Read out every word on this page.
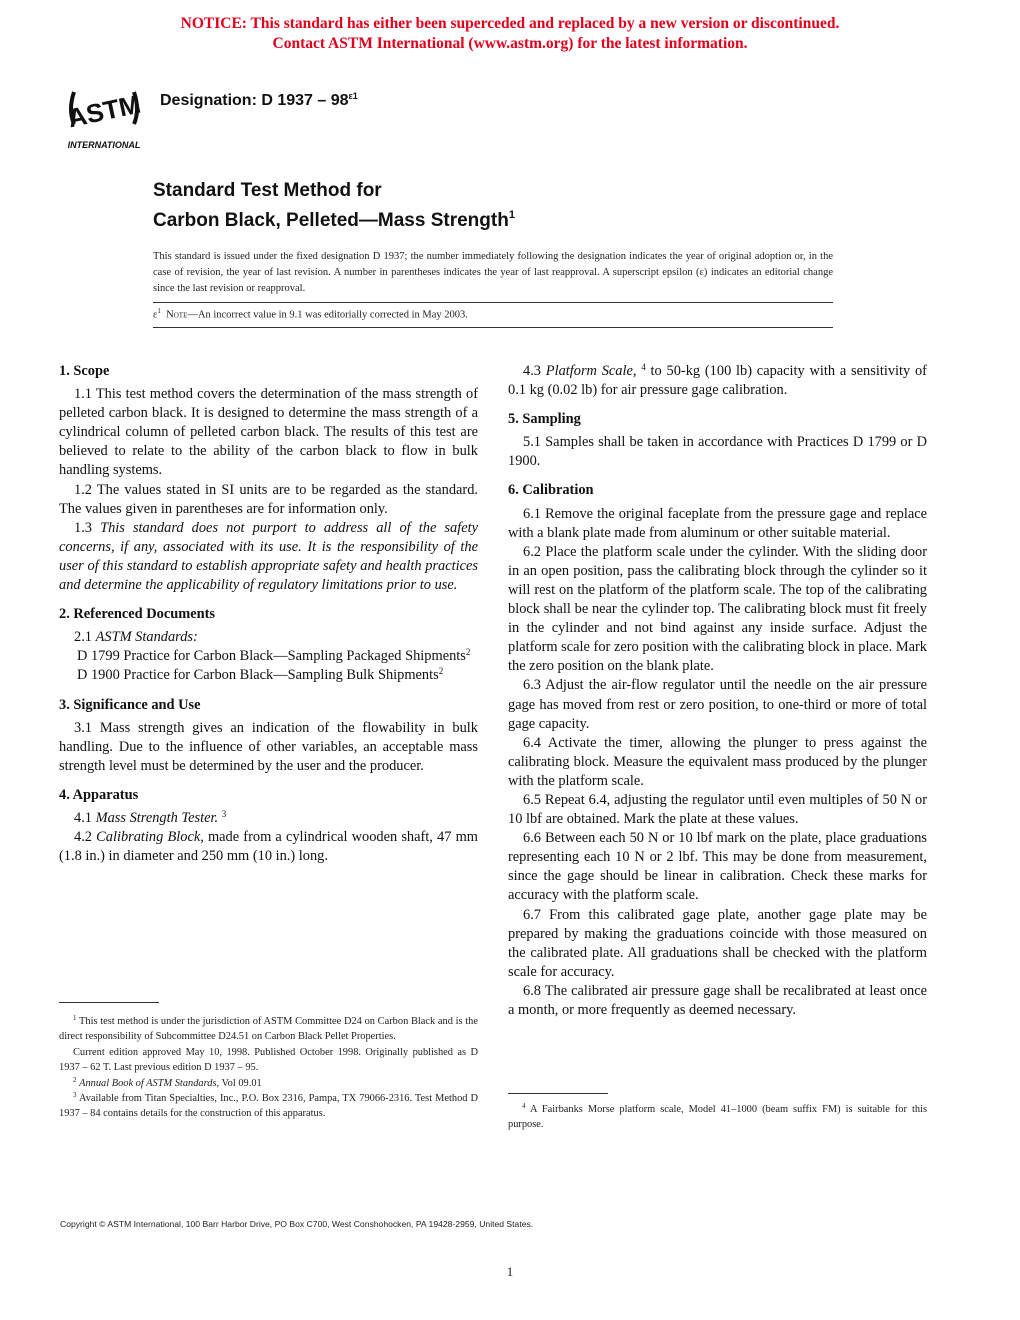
NOTICE: This standard has either been superceded and replaced by a new version or discontinued.
Contact ASTM International (www.astm.org) for the latest information.
ASTM
INTERNATIONAL
Designation: D $1937 - 98^{\varepsilon 1}$
Standard Test Method for
Carbon Black, Pelleted—Mass Strength$^1$
This standard is issued under the fixed designation D 1937; the number immediately following the designation indicates the year of original adoption or, in the case of revision, the year of last revision. A number in parentheses indicates the year of last reapproval. A superscript epsilon (ε) indicates an editorial change since the last revision or reapproval.
$\varepsilon^1$ Note—An incorrect value in 9.1 was editorially corrected in May 2003.
1. Scope

1.1 This test method covers the determination of the mass strength of pelleted carbon black. It is designed to determine the mass strength of a cylindrical column of pelleted carbon black. The results of this test are believed to relate to the ability of the carbon black to flow in bulk handling systems.

1.2 The values stated in SI units are to be regarded as the standard. The values given in parentheses are for information only.

1.3 This standard does not purport to address all of the safety concerns, if any, associated with its use. It is the responsibility of the user of this standard to establish appropriate safety and health practices and determine the applicability of regulatory limitations prior to use.

2. Referenced Documents

2.1 ASTM Standards:

D 1799 Practice for Carbon Black—Sampling Packaged Shipments$^2$

D 1900 Practice for Carbon Black—Sampling Bulk Shipments$^2$

3. Significance and Use

3.1 Mass strength gives an indication of the flowability in bulk handling. Due to the influence of other variables, an acceptable mass strength level must be determined by the user and the producer.

4. Apparatus

4.1 Mass Strength Tester. $^3$

4.2 Calibrating Block, made from a cylindrical wooden shaft, 47 mm (1.8 in.) in diameter and 250 mm (10 in.) long.

4.3 Platform Scale, $^4$ to 50-kg (100 lb) capacity with a sensitivity of 0.1 kg (0.02 lb) for air pressure gage calibration.

5. Sampling

5.1 Samples shall be taken in accordance with Practices D 1799 or D 1900.

6. Calibration

6.1 Remove the original faceplate from the pressure gage and replace with a blank plate made from aluminum or other suitable material.

6.2 Place the platform scale under the cylinder. With the sliding door in an open position, pass the calibrating block through the cylinder so it will rest on the platform of the platform scale. The top of the calibrating block shall be near the cylinder top. The calibrating block must fit freely in the cylinder and not bind against any inside surface. Adjust the platform scale for zero position with the calibrating block in place. Mark the zero position on the blank plate.

6.3 Adjust the air-flow regulator until the needle on the air pressure gage has moved from rest or zero position, to one-third or more of total gage capacity.

6.4 Activate the timer, allowing the plunger to press against the calibrating block. Measure the equivalent mass produced by the plunger with the platform scale.

6.5 Repeat 6.4, adjusting the regulator until even multiples of 50 N or 10 lbf are obtained. Mark the plate at these values.

6.6 Between each 50 N or 10 lbf mark on the plate, place graduations representing each 10 N or 2 lbf. This may be done from measurement, since the gage should be linear in calibration. Check these marks for accuracy with the platform scale.

6.7 From this calibrated gage plate, another gage plate may be prepared by making the graduations coincide with those measured on the calibrated plate. All graduations shall be checked with the platform scale for accuracy.

6.8 The calibrated air pressure gage shall be recalibrated at least once a month, or more frequently as deemed necessary.

$^1$ This test method is under the jurisdiction of ASTM Committee D24 on Carbon Black and is the direct responsibility of Subcommittee D24.51 on Carbon Black Pellet Properties.

Current edition approved May 10, 1998. Published October 1998. Originally published as D 1937 – 62 T. Last previous edition D 1937 – 95.

$^2$ Annual Book of ASTM Standards, Vol 09.01

$^3$ Available from Titan Specialties, Inc., P.O. Box 2316, Pampa, TX 79066-2316. Test Method D 1937 – 84 contains details for the construction of this apparatus.

$^4$ A Fairbanks Morse platform scale, Model 41–1000 (beam suffix FM) is suitable for this purpose.

Copyright © ASTM International, 100 Barr Harbor Drive, PO Box C700, West Conshohocken, PA 19428-2959, United States.
1
